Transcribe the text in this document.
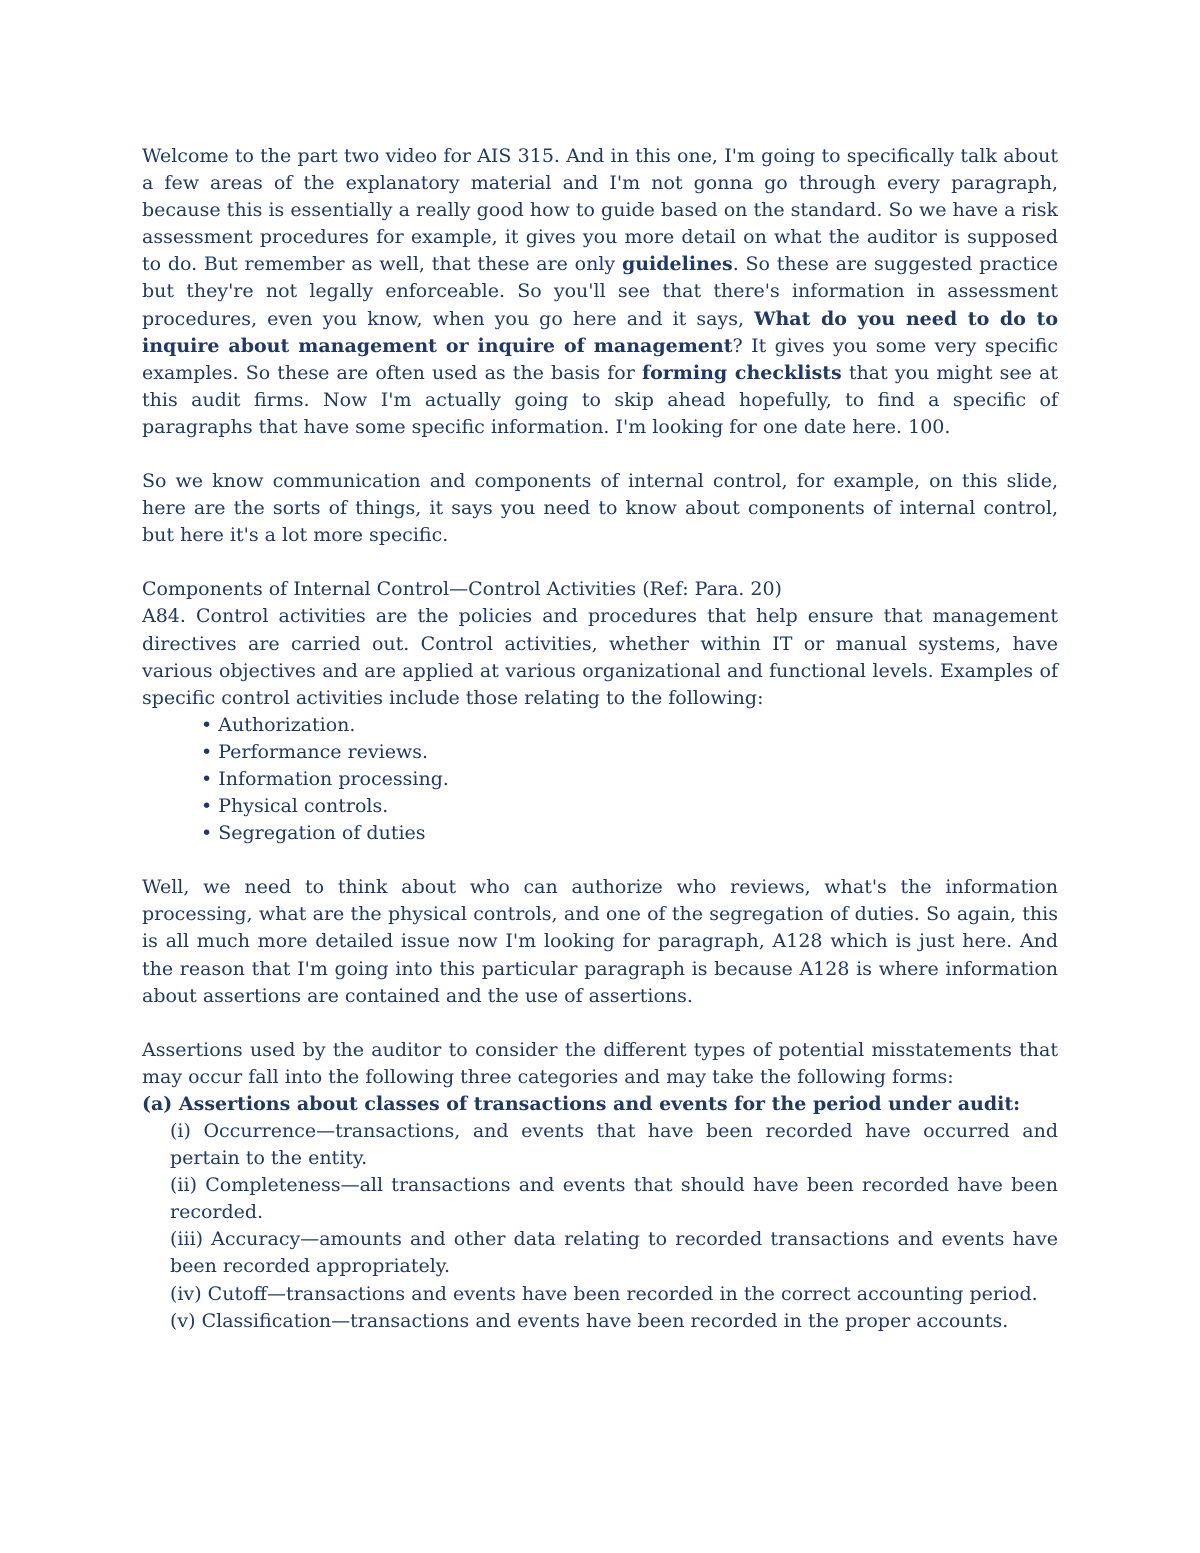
Welcome to the part two video for AIS 315. And in this one, I'm going to specifically talk about a few areas of the explanatory material and I'm not gonna go through every paragraph, because this is essentially a really good how to guide based on the standard. So we have a risk assessment procedures for example, it gives you more detail on what the auditor is supposed to do. But remember as well, that these are only guidelines. So these are suggested practice but they're not legally enforceable. So you'll see that there's information in assessment procedures, even you know, when you go here and it says, What do you need to do to inquire about management or inquire of management? It gives you some very specific examples. So these are often used as the basis for forming checklists that you might see at this audit firms. Now I'm actually going to skip ahead hopefully, to find a specific of paragraphs that have some specific information. I'm looking for one date here. 100.

So we know communication and components of internal control, for example, on this slide, here are the sorts of things, it says you need to know about components of internal control, but here it's a lot more specific.

Components of Internal Control—Control Activities (Ref: Para. 20)

A84. Control activities are the policies and procedures that help ensure that management directives are carried out. Control activities, whether within IT or manual systems, have various objectives and are applied at various organizational and functional levels. Examples of specific control activities include those relating to the following:

• Authorization.
• Performance reviews.
• Information processing.
• Physical controls.
• Segregation of duties

Well, we need to think about who can authorize who reviews, what's the information processing, what are the physical controls, and one of the segregation of duties. So again, this is all much more detailed issue now I'm looking for paragraph, A128 which is just here. And the reason that I'm going into this particular paragraph is because A128 is where information about assertions are contained and the use of assertions.

Assertions used by the auditor to consider the different types of potential misstatements that may occur fall into the following three categories and may take the following forms:

(a) Assertions about classes of transactions and events for the period under audit:

(i) Occurrence—transactions, and events that have been recorded have occurred and pertain to the entity.
(ii) Completeness—all transactions and events that should have been recorded have been recorded.
(iii) Accuracy—amounts and other data relating to recorded transactions and events have been recorded appropriately.
(iv) Cutoff—transactions and events have been recorded in the correct accounting period.
(v) Classification—transactions and events have been recorded in the proper accounts.
